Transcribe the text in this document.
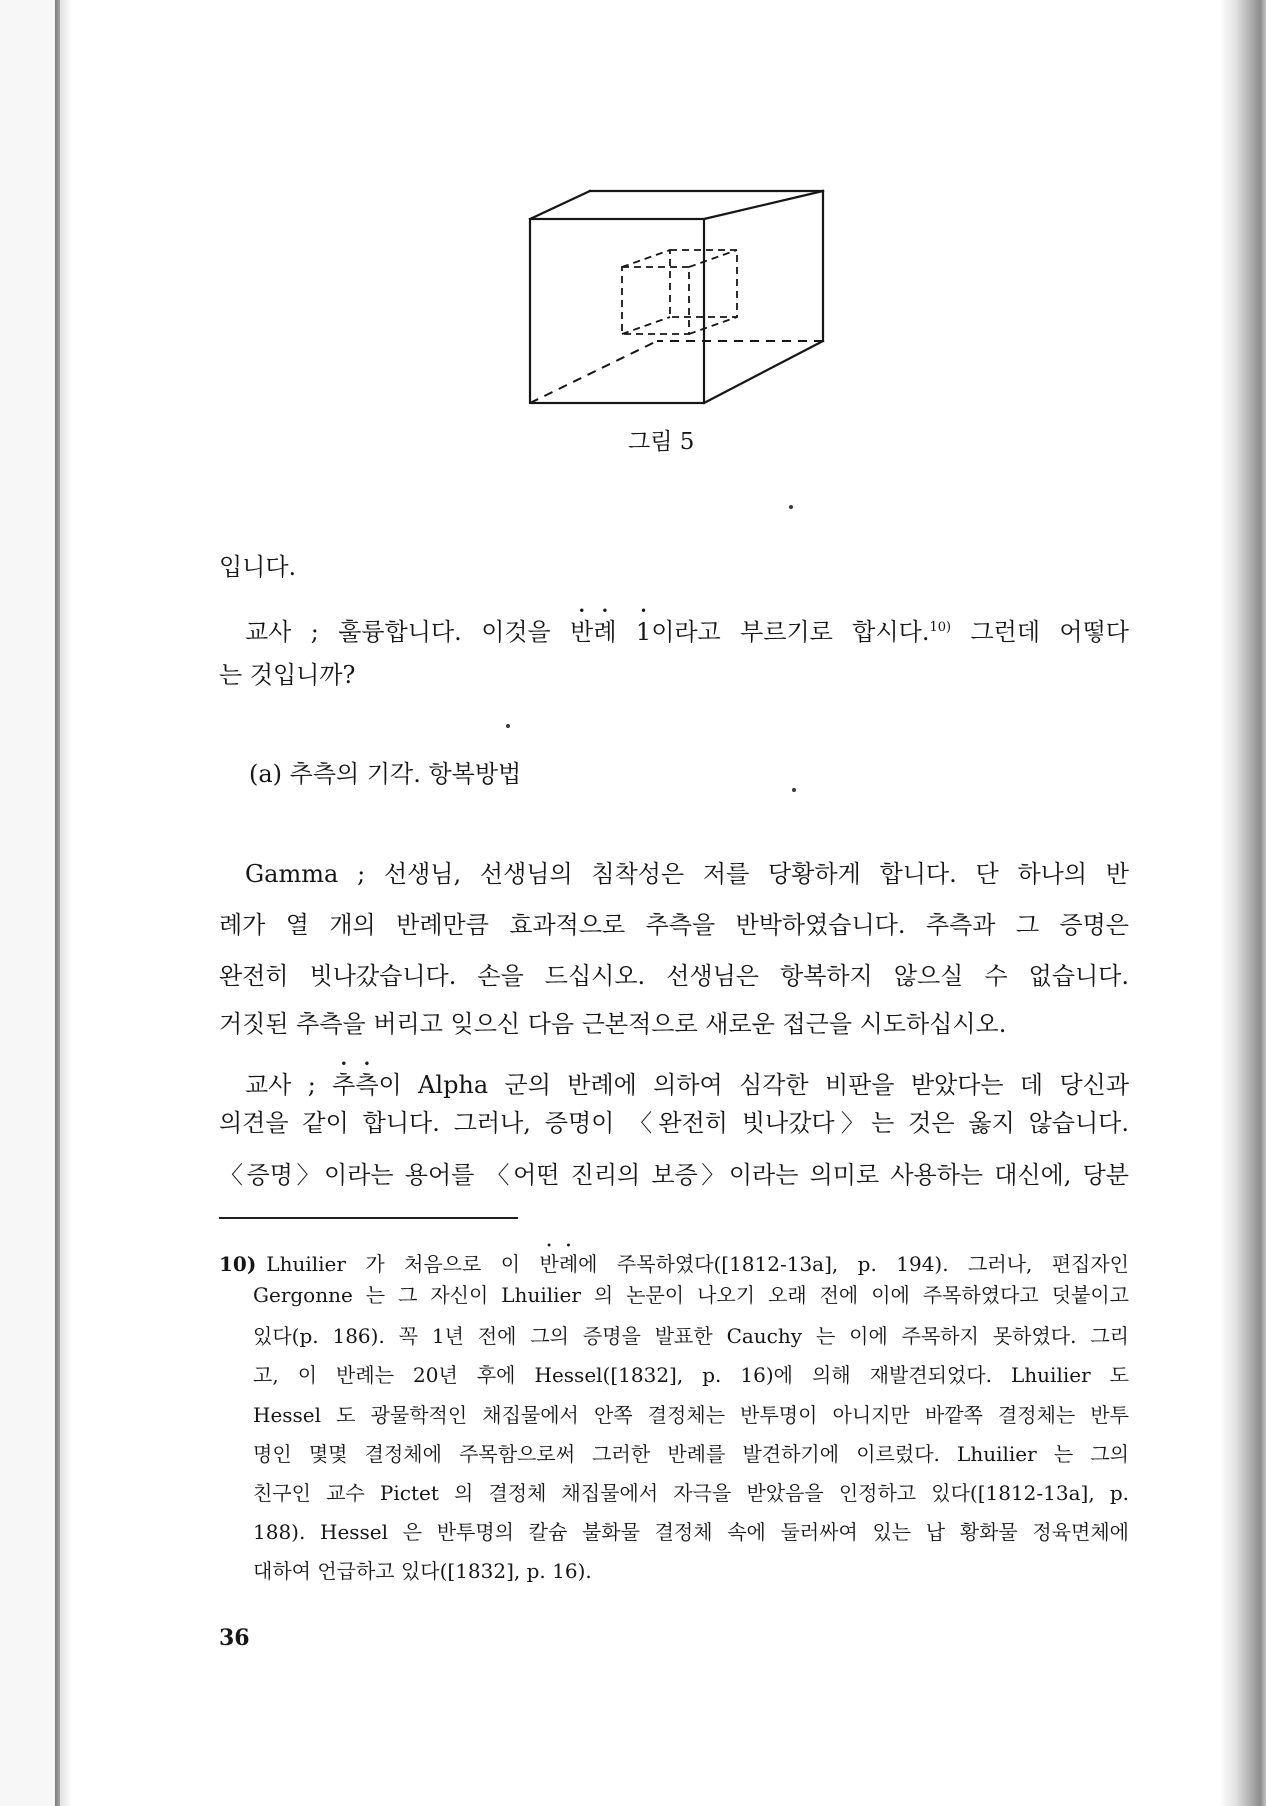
그림 5
입니다.
교사 ; 훌륭합니다. 이것을 반례 1이라고 부르기로 합시다.$^{10)}$ 그런데 어떻다
는 것입니까?
(a) 추측의 기각. 항복방법
Gamma ; 선생님, 선생님의 침착성은 저를 당황하게 합니다. 단 하나의 반
례가 열 개의 반례만큼 효과적으로 추측을 반박하였습니다. 추측과 그 증명은
완전히 빗나갔습니다. 손을 드십시오. 선생님은 항복하지 않으실 수 없습니다.
거짓된 추측을 버리고 잊으신 다음 근본적으로 새로운 접근을 시도하십시오.
교사 ; 추측이 Alpha 군의 반례에 의하여 심각한 비판을 받았다는 데 당신과
의견을 같이 합니다. 그러나, 증명이 〈완전히 빗나갔다〉는 것은 옳지 않습니다.
〈증명〉이라는 용어를 〈어떤 진리의 보증〉이라는 의미로 사용하는 대신에, 당분
10) Lhuilier 가 처음으로 이 반례에 주목하였다([1812-13a], p. 194). 그러나, 편집자인
Gergonne 는 그 자신이 Lhuilier 의 논문이 나오기 오래 전에 이에 주목하였다고 덧붙이고
있다(p. 186). 꼭 1년 전에 그의 증명을 발표한 Cauchy 는 이에 주목하지 못하였다. 그리
고, 이 반례는 20년 후에 Hessel([1832], p. 16)에 의해 재발견되었다. Lhuilier 도
Hessel 도 광물학적인 채집물에서 안쪽 결정체는 반투명이 아니지만 바깥쪽 결정체는 반투
명인 몇몇 결정체에 주목함으로써 그러한 반례를 발견하기에 이르렀다. Lhuilier 는 그의
친구인 교수 Pictet 의 결정체 채집물에서 자극을 받았음을 인정하고 있다([1812-13a], p.
188). Hessel 은 반투명의 칼슘 불화물 결정체 속에 둘러싸여 있는 납 황화물 정육면체에
대하여 언급하고 있다([1832], p. 16).
36
